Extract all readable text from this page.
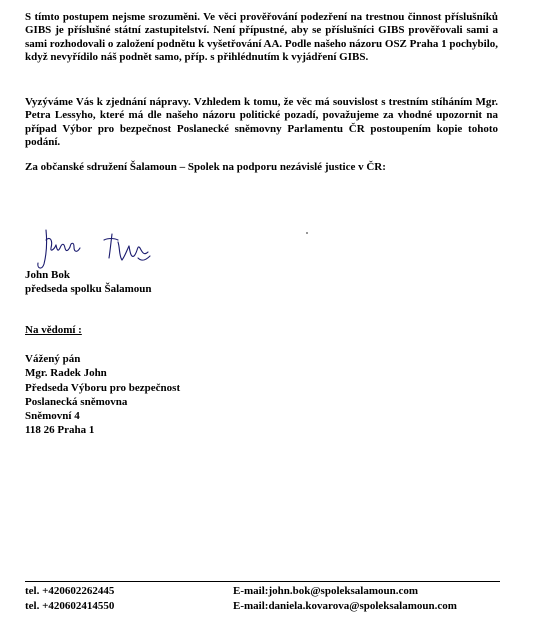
S tímto postupem nejsme srozuměni. Ve věci prověřování podezření na trestnou činnost příslušníků GIBS je příslušné státní zastupitelství. Není přípustné, aby se příslušníci GIBS prověřovali sami a sami rozhodovali o založení podnětu k vyšetřování AA. Podle našeho názoru OSZ Praha 1 pochybilo, když nevyřídilo náš podnět samo, příp. s přihlédnutím k vyjádření GIBS.

Vyzýváme Vás k zjednání nápravy. Vzhledem k tomu, že věc má souvislost s trestním stíháním Mgr. Petra Lessyho, které má dle našeho názoru politické pozadí, považujeme za vhodné upozornit na případ Výbor pro bezpečnost Poslanecké sněmovny Parlamentu ČR postoupením kopie tohoto podání.

Za občanské sdružení Šalamoun – Spolek na podporu nezávislé justice v ČR:

John Bok

předseda spolku Šalamoun

Na vědomí :

Vážený pán

Mgr. Radek John

Předseda Výboru pro bezpečnost

Poslanecká sněmovna

Sněmovní 4

118 26 Praha 1

tel. +420602262445	E-mail:john.bok@spoleksalamoun.com
tel. +420602414550	E-mail:daniela.kovarova@spoleksalamoun.com
